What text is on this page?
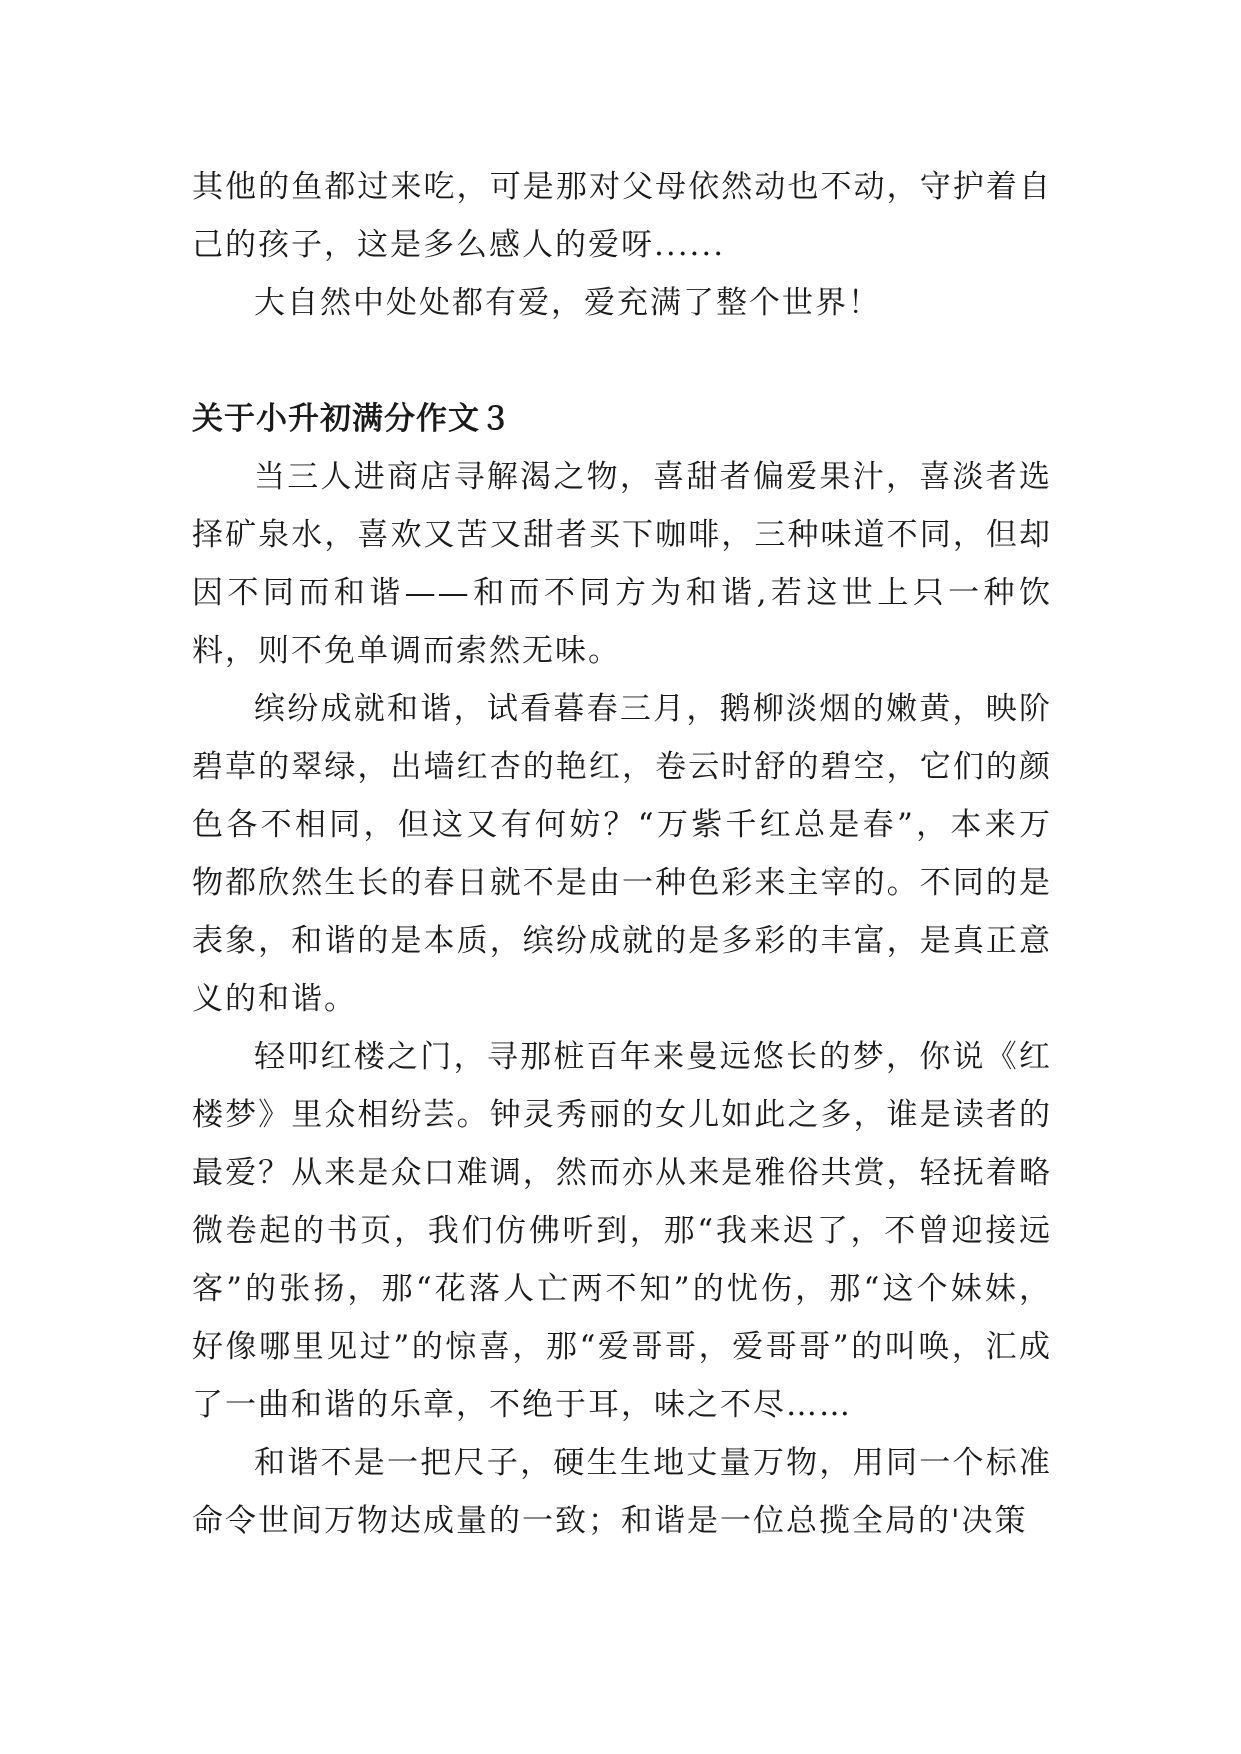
其他的鱼都过来吃，可是那对父母依然动也不动，守护着自己的孩子，这是多么感人的爱呀......

大自然中处处都有爱，爱充满了整个世界！

关于小升初满分作文３

当三人进商店寻解渴之物，喜甜者偏爱果汁，喜淡者选择矿泉水，喜欢又苦又甜者买下咖啡，三种味道不同，但却因不同而和谐——和而不同方为和谐,若这世上只一种饮料，则不免单调而索然无味。

缤纷成就和谐，试看暮春三月，鹅柳淡烟的嫩黄，映阶碧草的翠绿，出墙红杏的艳红，卷云时舒的碧空，它们的颜色各不相同，但这又有何妨？“万紫千红总是春”，本来万物都欣然生长的春日就不是由一种色彩来主宰的。不同的是表象，和谐的是本质，缤纷成就的是多彩的丰富，是真正意义的和谐。

轻叩红楼之门，寻那桩百年来曼远悠长的梦，你说《红楼梦》里众相纷芸。钟灵秀丽的女儿如此之多，谁是读者的最爱？从来是众口难调，然而亦从来是雅俗共赏，轻抚着略微卷起的书页，我们仿佛听到，那“我来迟了，不曾迎接远客”的张扬，那“花落人亡两不知”的忧伤，那“这个妹妹，好像哪里见过”的惊喜，那“爱哥哥，爱哥哥”的叫唤，汇成了一曲和谐的乐章，不绝于耳，味之不尽……

和谐不是一把尺子，硬生生地丈量万物，用同一个标准命令世间万物达成量的一致；和谐是一位总揽全局的'决策
